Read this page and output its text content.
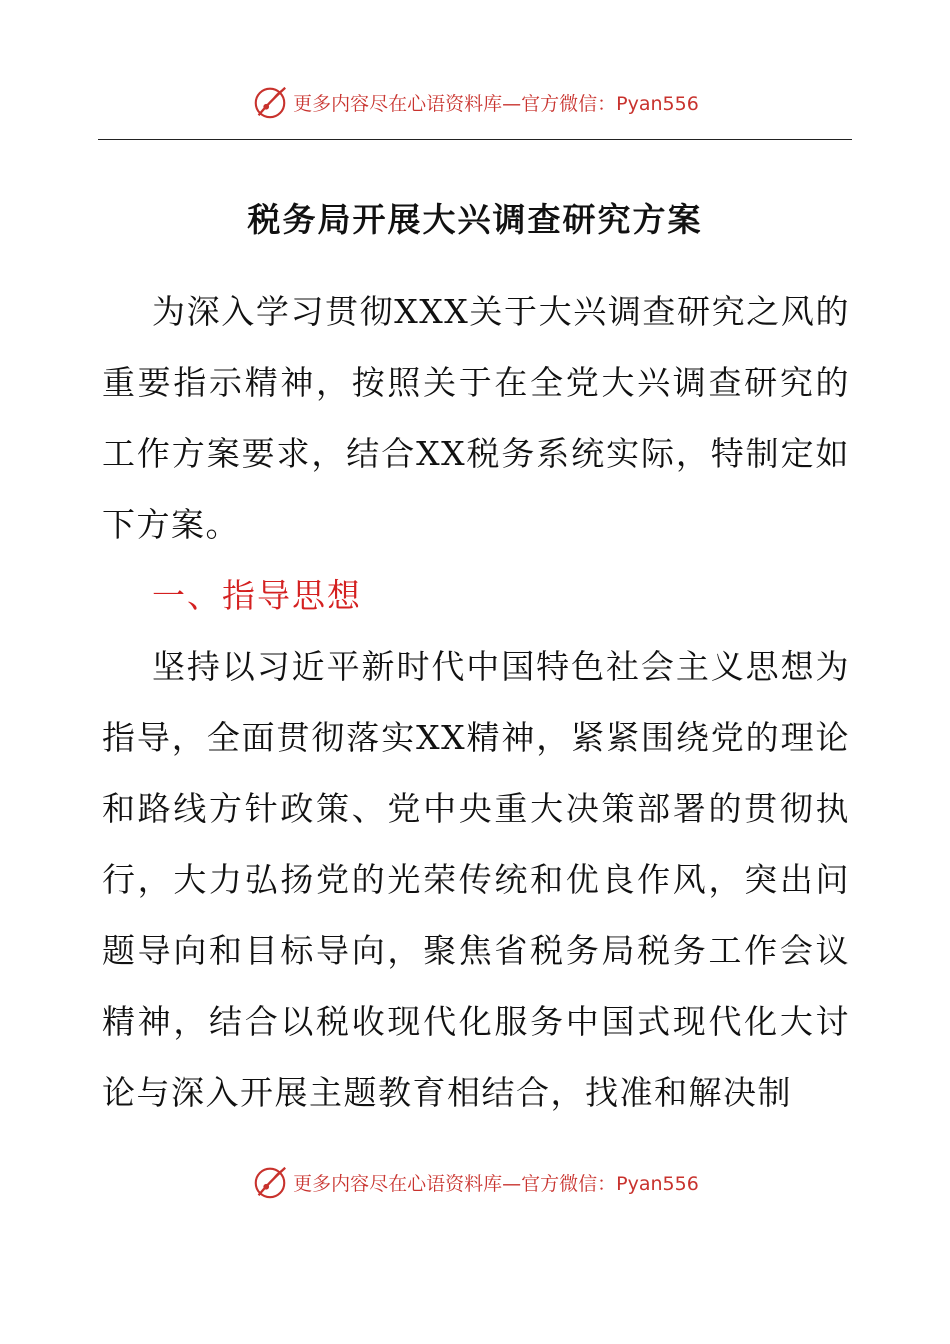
更多内容尽在心语资料库—官方微信：Pyan556
税务局开展大兴调查研究方案

为深入学习贯彻XXX关于大兴调查研究之风的重要指示精神，按照关于在全党大兴调查研究的工作方案要求，结合XX税务系统实际，特制定如下方案。

一、指导思想

坚持以习近平新时代中国特色社会主义思想为指导，全面贯彻落实XX精神，紧紧围绕党的理论和路线方针政策、党中央重大决策部署的贯彻执行，大力弘扬党的光荣传统和优良作风，突出问题导向和目标导向，聚焦省税务局税务工作会议精神，结合以税收现代化服务中国式现代化大讨论与深入开展主题教育相结合，找准和解决制

更多内容尽在心语资料库—官方微信：Pyan556
